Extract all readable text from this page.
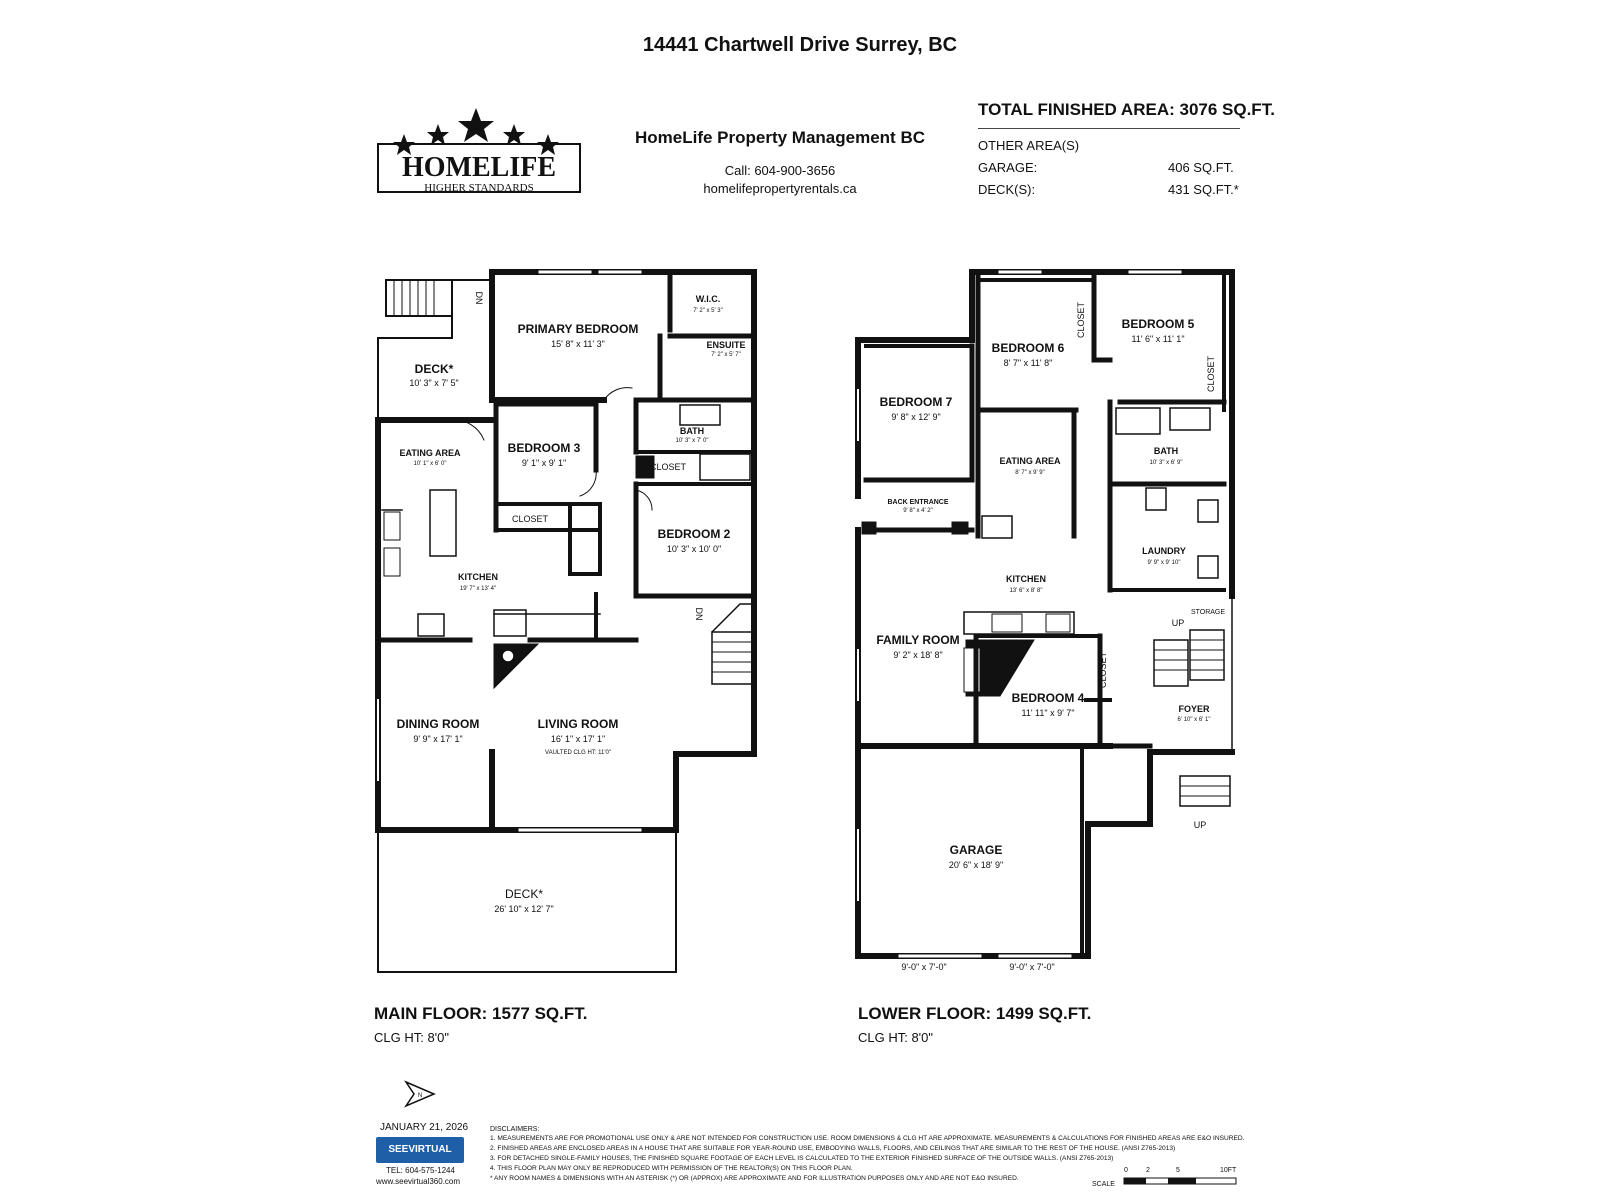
14441 Chartwell Drive Surrey, BC
HOMELIFE
HIGHER STANDARDS
HomeLife Property Management BC
Call: 604-900-3656
homelifepropertyrentals.ca
TOTAL FINISHED AREA: 3076 SQ.FT.
OTHER AREA(S)
GARAGE:	406 SQ.FT.
DECK(S):	431 SQ.FT.*
DECK*
10' 3" x 7' 5"
PRIMARY BEDROOM
15' 8" x 11' 3"
W.I.C.
7' 2" x 5' 3"
ENSUITE
7' 2" x 5' 7"
BATH
10' 3" x 7' 0"
CLOSET
EATING AREA
10' 1" x 6' 0"
BEDROOM 3
9' 1" x 9' 1"
CLOSET
BEDROOM 2
10' 3" x 10' 0"
KITCHEN
19' 7" x 13' 4"
DINING ROOM
9' 9" x 17' 1"
LIVING ROOM
16' 1" x 17' 1"
VAULTED CLG HT: 11'0"
DECK*
26' 10" x 12' 7"
DN
DN
BEDROOM 6
8' 7" x 11' 8"
BEDROOM 5
11' 6" x 11' 1"
CLOSET
CLOSET
BEDROOM 7
9' 8" x 12' 9"
EATING AREA
8' 7" x 9' 9"
BATH
10' 3" x 6' 9"
BACK ENTRANCE
9' 8" x 4' 2"
LAUNDRY
9' 9" x 9' 10"
KITCHEN
13' 6" x 8' 8"
STORAGE
FAMILY ROOM
9' 2" x 18' 8"
BEDROOM 4
11' 11" x 9' 7"
CLOSET
FOYER
6' 10" x 6' 1"
GARAGE
20' 6" x 18' 9"
9'-0" x 7'-0"	9'-0" x 7'-0"
UP
UP
N
0	2	5	10FT
SCALE
MAIN FLOOR: 1577 SQ.FT.
CLG HT: 8'0"
LOWER FLOOR: 1499 SQ.FT.
CLG HT: 8'0"
JANUARY 21, 2026
SEEVIRTUAL
TEL: 604-575-1244
www.seevirtual360.com
DISCLAIMERS:
1. MEASUREMENTS ARE FOR PROMOTIONAL USE ONLY & ARE NOT INTENDED FOR CONSTRUCTION USE. ROOM DIMENSIONS & CLG HT ARE APPROXIMATE. MEASUREMENTS & CALCULATIONS FOR FINISHED AREAS ARE E&O INSURED.
2. FINISHED AREAS ARE ENCLOSED AREAS IN A HOUSE THAT ARE SUITABLE FOR YEAR-ROUND USE, EMBODYING WALLS, FLOORS, AND CEILINGS THAT ARE SIMILAR TO THE REST OF THE HOUSE. (ANSI Z765-2013)
3. FOR DETACHED SINGLE-FAMILY HOUSES, THE FINISHED SQUARE FOOTAGE OF EACH LEVEL IS CALCULATED TO THE EXTERIOR FINISHED SURFACE OF THE OUTSIDE WALLS. (ANSI Z765-2013)
4. THIS FLOOR PLAN MAY ONLY BE REPRODUCED WITH PERMISSION OF THE REALTOR(S) ON THIS FLOOR PLAN.
* ANY ROOM NAMES & DIMENSIONS WITH AN ASTERISK (*) OR (APPROX) ARE APPROXIMATE AND FOR ILLUSTRATION PURPOSES ONLY AND ARE NOT E&O INSURED.
